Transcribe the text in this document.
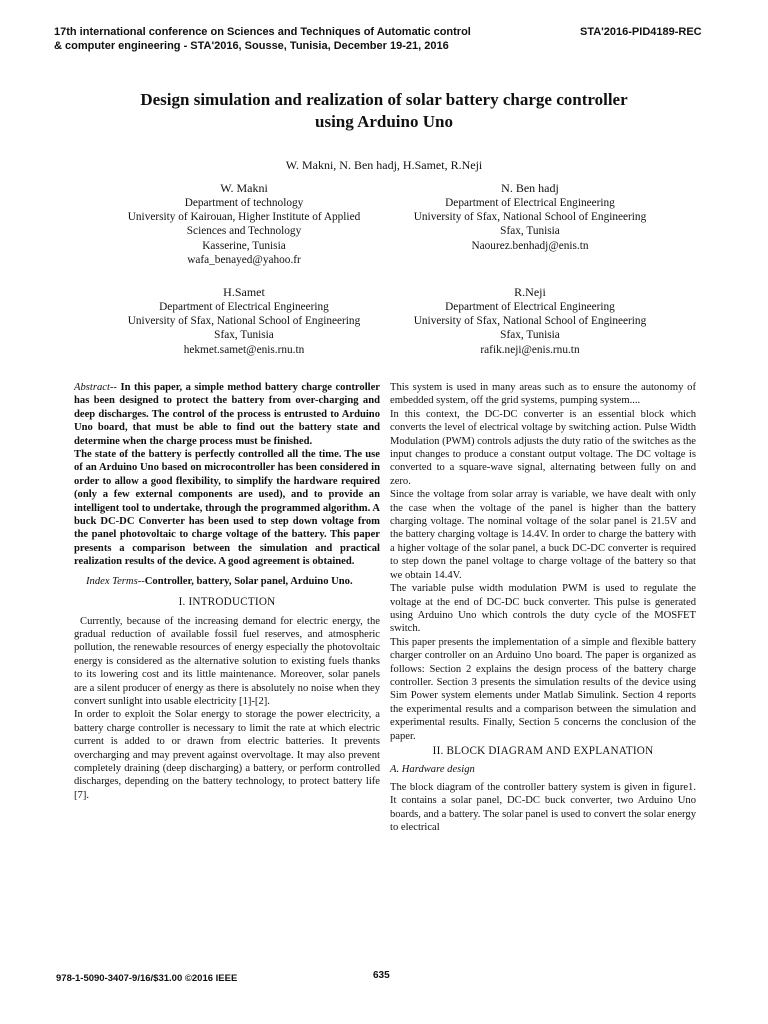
17th international conference on Sciences and Techniques of Automatic control
& computer engineering - STA'2016, Sousse, Tunisia, December 19-21, 2016
STA'2016-PID4189-REC
Design simulation and realization of solar battery charge controller
using Arduino Uno
W. Makni, N. Ben hadj, H.Samet, R.Neji
W. Makni
Department of technology
University of Kairouan, Higher Institute of Applied
Sciences and Technology
Kasserine, Tunisia
wafa_benayed@yahoo.fr
N. Ben hadj
Department of Electrical Engineering
University of Sfax, National School of Engineering
Sfax, Tunisia
Naourez.benhadj@enis.tn
H.Samet
Department of Electrical Engineering
University of Sfax, National School of Engineering
Sfax, Tunisia
hekmet.samet@enis.rnu.tn
R.Neji
Department of Electrical Engineering
University of Sfax, National School of Engineering
Sfax, Tunisia
rafik.neji@enis.rnu.tn

Abstract-- In this paper, a simple method battery charge controller has been designed to protect the battery from over-charging and deep discharges. The control of the process is entrusted to Arduino Uno board, that must be able to find out the battery state and determine when the charge process must be finished.

The state of the battery is perfectly controlled all the time. The use of an Arduino Uno based on microcontroller has been considered in order to allow a good flexibility, to simplify the hardware required (only a few external components are used), and to provide an intelligent tool to undertake, through the programmed algorithm. A buck DC-DC Converter has been used to step down voltage from the panel photovoltaic to charge voltage of the battery. This paper presents a comparison between the simulation and practical realization results of the device. A good agreement is obtained.

Index Terms--Controller, battery, Solar panel, Arduino Uno.

I. INTRODUCTION

Currently, because of the increasing demand for electric energy, the gradual reduction of available fossil fuel reserves, and atmospheric pollution, the renewable resources of energy especially the photovoltaic energy is considered as the alternative solution to existing fuels thanks to its lowering cost and its little maintenance. Moreover, solar panels are a silent producer of energy as there is absolutely no noise when they convert sunlight into usable electricity [1]-[2].

In order to exploit the Solar energy to storage the power electricity, a battery charge controller is necessary to limit the rate at which electric current is added to or drawn from electric batteries. It prevents overcharging and may prevent against overvoltage. It may also prevent completely draining (deep discharging) a battery, or perform controlled discharges, depending on the battery technology, to protect battery life [7].

This system is used in many areas such as to ensure the autonomy of embedded system, off the grid systems, pumping system....

In this context, the DC-DC converter is an essential block which converts the level of electrical voltage by switching action. Pulse Width Modulation (PWM) controls adjusts the duty ratio of the switches as the input changes to produce a constant output voltage. The DC voltage is converted to a square-wave signal, alternating between fully on and zero.

Since the voltage from solar array is variable, we have dealt with only the case when the voltage of the panel is higher than the battery charging voltage. The nominal voltage of the solar panel is 21.5V and the battery charging voltage is 14.4V. In order to charge the battery with a higher voltage of the solar panel, a buck DC-DC converter is required to step down the panel voltage to charge voltage of the battery so that we obtain 14.4V.

The variable pulse width modulation PWM is used to regulate the voltage at the end of DC-DC buck converter. This pulse is generated using Arduino Uno which controls the duty cycle of the MOSFET switch.

This paper presents the implementation of a simple and flexible battery charger controller on an Arduino Uno board. The paper is organized as follows: Section 2 explains the design process of the battery charge controller. Section 3 presents the simulation results of the device using Sim Power system elements under Matlab Simulink. Section 4 reports the experimental results and a comparison between the simulation and experimental results. Finally, Section 5 concerns the conclusion of the paper.

II. BLOCK DIAGRAM AND EXPLANATION

A. Hardware design

The block diagram of the controller battery system is given in figure1. It contains a solar panel, DC-DC buck converter, two Arduino Uno boards, and a battery. The solar panel is used to convert the solar energy to electrical

978-1-5090-3407-9/16/$31.00 ©2016 IEEE	635
